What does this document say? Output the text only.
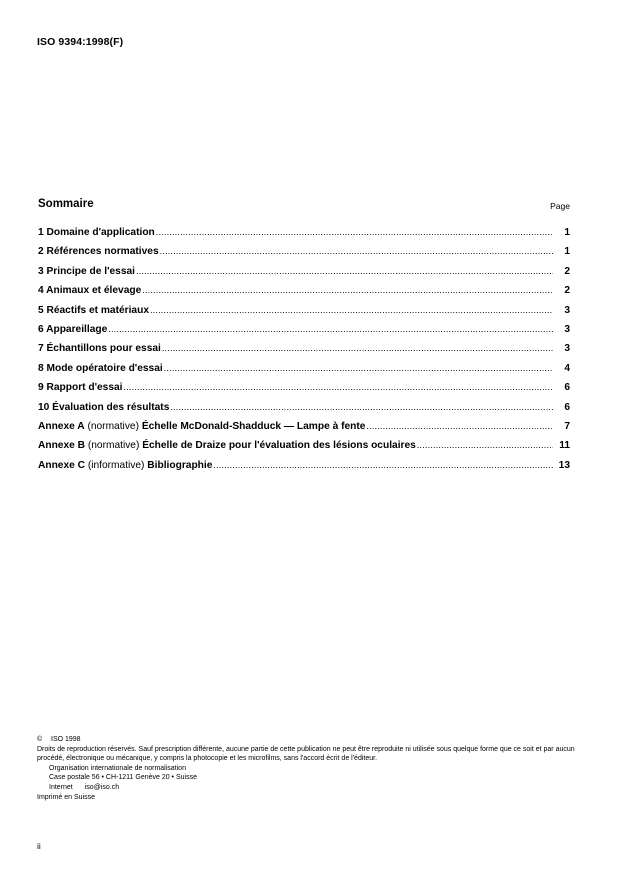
ISO 9394:1998(F)
Sommaire	Page
1 Domaine d'application .....	1
2 Références normatives .....	1
3 Principe de l'essai .....	2
4 Animaux et élevage .....	2
5 Réactifs et matériaux .....	3
6 Appareillage .....	3
7 Échantillons pour essai .....	3
8 Mode opératoire d'essai .....	4
9 Rapport d'essai .....	6
10 Évaluation des résultats .....	6
Annexe A (normative) Échelle McDonald-Shadduck — Lampe à fente .....	7
Annexe B (normative) Échelle de Draize pour l'évaluation des lésions oculaires .....	11
Annexe C (informative) Bibliographie .....	13

© ISO 1998

Droits de reproduction réservés. Sauf prescription différente, aucune partie de cette publication ne peut être reproduite ni utilisée sous quelque forme que ce soit et par aucun procédé, électronique ou mécanique, y compris la photocopie et les microfilms, sans l'accord écrit de l'éditeur.

Organisation internationale de normalisation

Case postale 56 • CH-1211 Genève 20 • Suisse

Internet iso@iso.ch

Imprimé en Suisse

ii
